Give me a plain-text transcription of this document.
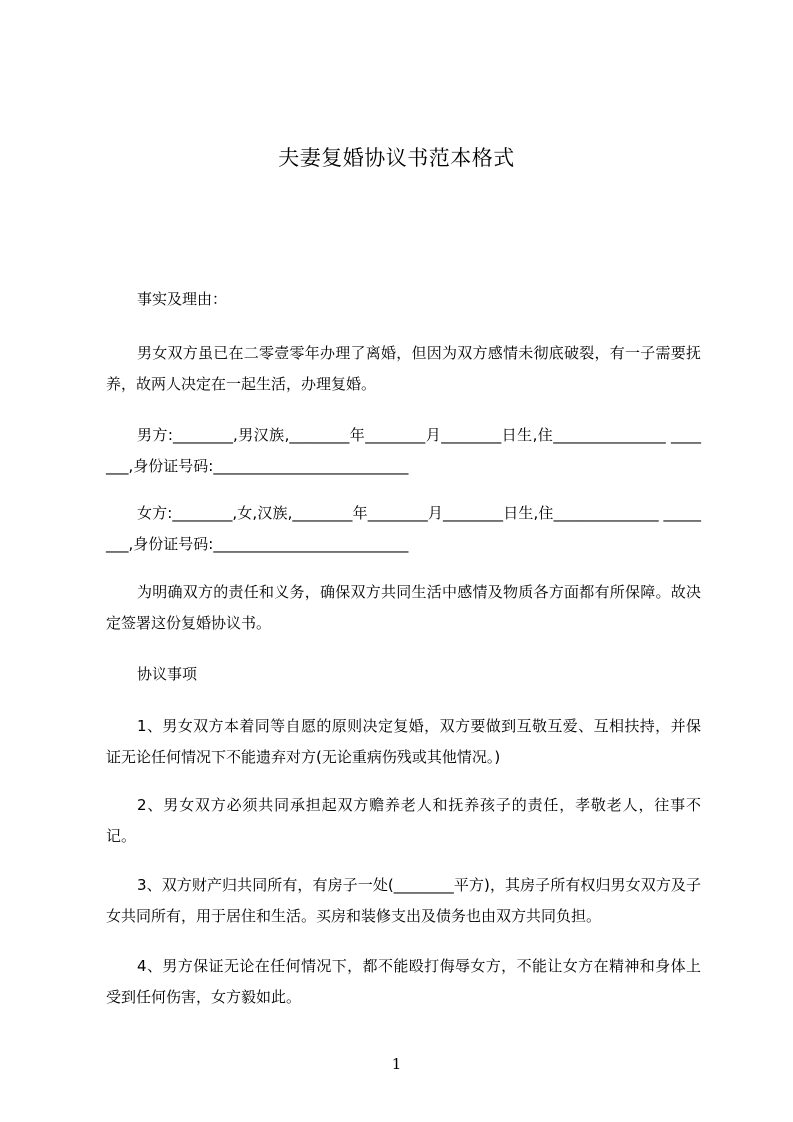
夫妻复婚协议书范本格式

事实及理由：

男女双方虽已在二零壹零年办理了离婚，但因为双方感情未彻底破裂，有一子需要抚养，故两人决定在一起生活，办理复婚。

男方:________,男汉族,________年________月________日生,住_______________ _______,身份证号码:__________________________

女方:________,女,汉族,________年________月________日生,住______________ ________,身份证号码:__________________________

为明确双方的责任和义务，确保双方共同生活中感情及物质各方面都有所保障。故决定签署这份复婚协议书。

协议事项

1、男女双方本着同等自愿的原则决定复婚，双方要做到互敬互爱、互相扶持，并保证无论任何情况下不能遗弃对方(无论重病伤残或其他情况。)

2、男女双方必须共同承担起双方赡养老人和抚养孩子的责任，孝敬老人，往事不记。

3、双方财产归共同所有，有房子一处(________平方)，其房子所有权归男女双方及子女共同所有，用于居住和生活。买房和装修支出及债务也由双方共同负担。

4、男方保证无论在任何情况下，都不能殴打侮辱女方，不能让女方在精神和身体上受到任何伤害，女方毅如此。

1
